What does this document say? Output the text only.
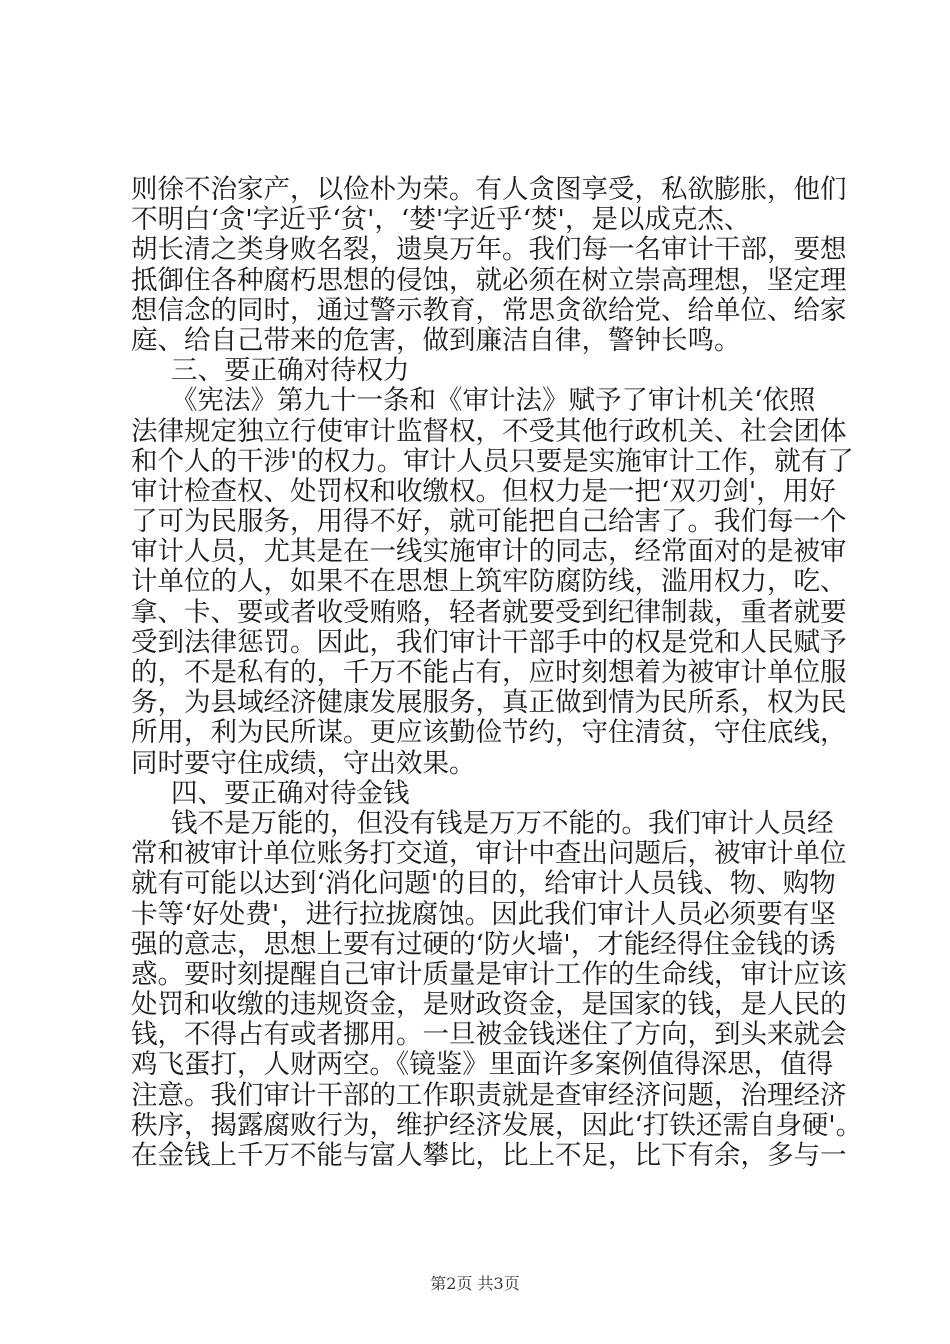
则徐不治家产，以俭朴为荣。有人贪图享受，私欲膨胀，他们
不明白‘贪'字近乎‘贫'，‘婪'字近乎‘焚'，是以成克杰、
胡长清之类身败名裂，遗臭万年。我们每一名审计干部，要想
抵御住各种腐朽思想的侵蚀，就必须在树立崇高理想，坚定理
想信念的同时，通过警示教育，常思贪欲给党、给单位、给家
庭、给自己带来的危害，做到廉洁自律，警钟长鸣。
三、要正确对待权力
《宪法》第九十一条和《审计法》赋予了审计机关‘依照
法律规定独立行使审计监督权，不受其他行政机关、社会团体
和个人的干涉'的权力。审计人员只要是实施审计工作，就有了
审计检查权、处罚权和收缴权。但权力是一把‘双刃剑'，用好
了可为民服务，用得不好，就可能把自己给害了。我们每一个
审计人员，尤其是在一线实施审计的同志，经常面对的是被审
计单位的人，如果不在思想上筑牢防腐防线，滥用权力，吃、
拿、卡、要或者收受贿赂，轻者就要受到纪律制裁，重者就要
受到法律惩罚。因此，我们审计干部手中的权是党和人民赋予
的，不是私有的，千万不能占有，应时刻想着为被审计单位服
务，为县域经济健康发展服务，真正做到情为民所系，权为民
所用，利为民所谋。更应该勤俭节约，守住清贫，守住底线，
同时要守住成绩，守出效果。
四、要正确对待金钱
钱不是万能的，但没有钱是万万不能的。我们审计人员经
常和被审计单位账务打交道，审计中查出问题后，被审计单位
就有可能以达到‘消化问题'的目的，给审计人员钱、物、购物
卡等‘好处费'，进行拉拢腐蚀。因此我们审计人员必须要有坚
强的意志，思想上要有过硬的‘防火墙'，才能经得住金钱的诱
惑。要时刻提醒自己审计质量是审计工作的生命线，审计应该
处罚和收缴的违规资金，是财政资金，是国家的钱，是人民的
钱，不得占有或者挪用。一旦被金钱迷住了方向，到头来就会
鸡飞蛋打，人财两空。《镜鉴》里面许多案例值得深思，值得
注意。我们审计干部的工作职责就是查审经济问题，治理经济
秩序，揭露腐败行为，维护经济发展，因此‘打铁还需自身硬'。
在金钱上千万不能与富人攀比，比上不足，比下有余，多与一
第2页 共3页
